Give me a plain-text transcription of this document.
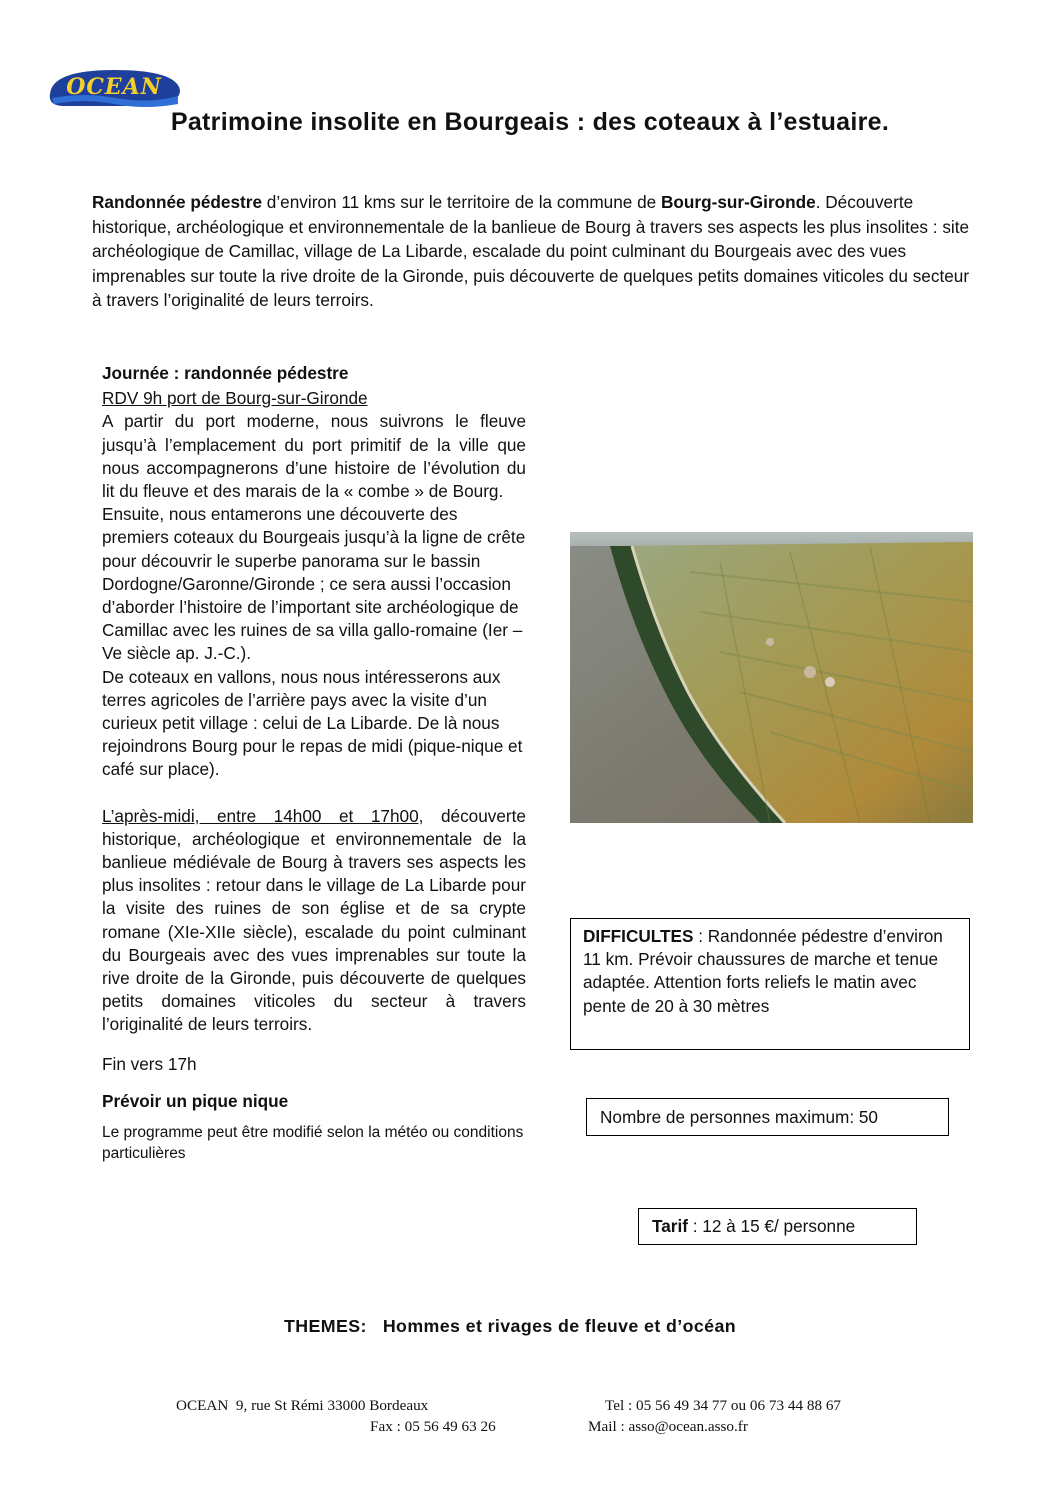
OCEAN
Patrimoine insolite en Bourgeais : des coteaux à l’estuaire.
Randonnée pédestre d’environ 11 kms sur le territoire de la commune de Bourg-sur-Gironde. Découverte historique, archéologique et environnementale de la banlieue de Bourg à travers ses aspects les plus insolites : site archéologique de Camillac, village de La Libarde, escalade du point culminant du Bourgeais avec des vues imprenables sur toute la rive droite de la Gironde, puis découverte de quelques petits domaines viticoles du secteur à travers l’originalité de leurs terroirs.
Journée : randonnée pédestre
RDV 9h port de Bourg-sur-Gironde

A partir du port moderne, nous suivrons le fleuve jusqu’à l’emplacement du port primitif de la ville que nous accompagnerons d’une histoire de l’évolution du lit du fleuve et des marais de la « combe » de Bourg.

Ensuite, nous entamerons une découverte des premiers coteaux du Bourgeais jusqu’à la ligne de crête pour découvrir le superbe panorama sur le bassin Dordogne/Garonne/Gironde ; ce sera aussi l’occasion d’aborder l’histoire de l’important site archéologique de Camillac avec les ruines de sa villa gallo-romaine (Ier –Ve siècle ap. J.-C.).

De coteaux en vallons, nous nous intéresserons aux terres agricoles de l’arrière pays avec la visite d’un curieux petit village : celui de La Libarde. De là nous rejoindrons Bourg pour le repas de midi (pique-nique et café sur place).

L’après-midi, entre 14h00 et 17h00, découverte historique, archéologique et environnementale de la banlieue médiévale de Bourg à travers ses aspects les plus insolites : retour dans le village de La Libarde pour la visite des ruines de son église et de sa crypte romane (XIe-XIIe siècle), escalade du point culminant du Bourgeais avec des vues imprenables sur toute la rive droite de la Gironde, puis découverte de quelques petits domaines viticoles du secteur à travers l’originalité de leurs terroirs.

Fin vers 17h
Prévoir un pique nique
Le programme peut être modifié selon la météo ou conditions particulières
DIFFICULTES : Randonnée pédestre d’environ 11 km. Prévoir chaussures de marche et tenue adaptée. Attention forts reliefs le matin avec pente de 20 à 30 mètres
Nombre de personnes maximum: 50
Tarif : 12 à 15 €/ personne
THEMES:   Hommes et rivages de fleuve et d’océan
OCEAN  9, rue St Rémi 33000 Bordeaux	Tel : 05 56 49 34 77 ou 06 73 44 88 67
Fax : 05 56 49 63 26	Mail : asso@ocean.asso.fr
